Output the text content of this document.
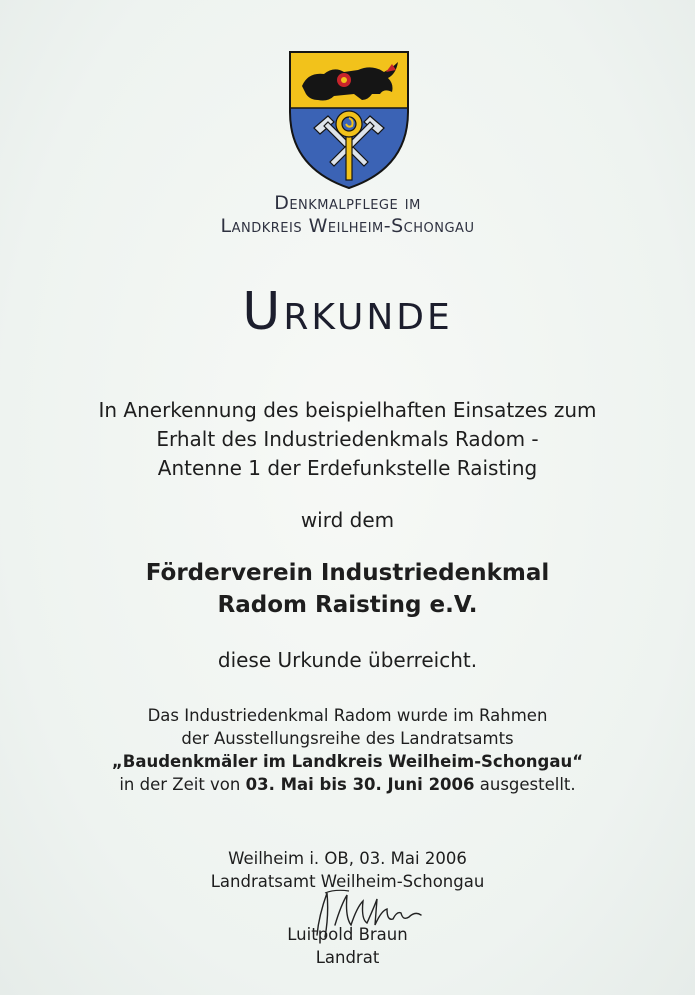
Denkmalpflege im
Landkreis Weilheim-Schongau
Urkunde
In Anerkennung des beispielhaften Einsatzes zum
Erhalt des Industriedenkmals Radom -
Antenne 1 der Erdefunkstelle Raisting
wird dem
Förderverein Industriedenkmal
Radom Raisting e.V.
diese Urkunde überreicht.
Das Industriedenkmal Radom wurde im Rahmen
der Ausstellungsreihe des Landratsamts
„Baudenkmäler im Landkreis Weilheim-Schongau“
in der Zeit von 03. Mai bis 30. Juni 2006 ausgestellt.
Weilheim i. OB, 03. Mai 2006
Landratsamt Weilheim-Schongau
Luitpold Braun
Landrat
